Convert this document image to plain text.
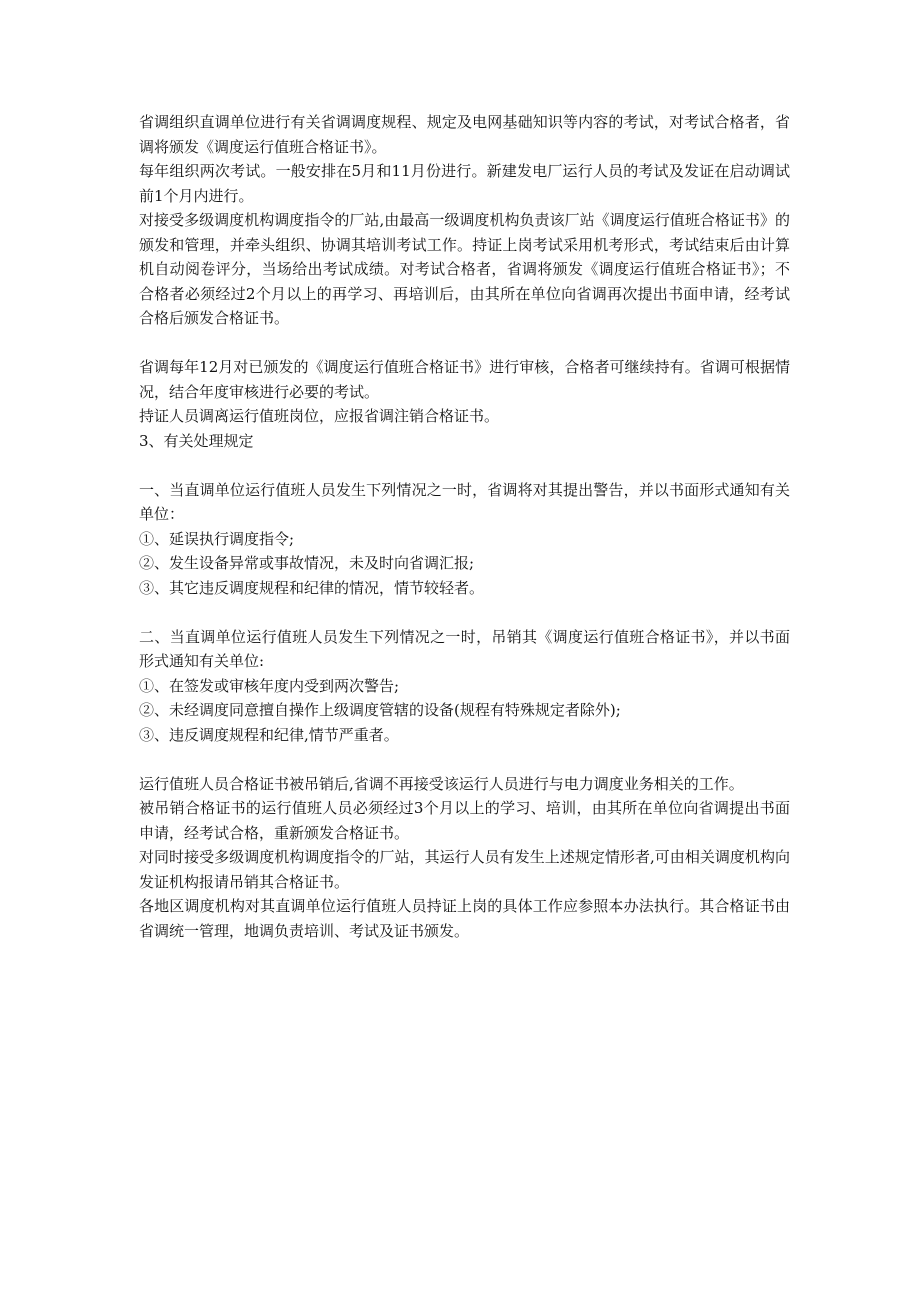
省调组织直调单位进行有关省调调度规程、规定及电网基础知识等内容的考试，对考试合格者，省调将颁发《调度运行值班合格证书》。

每年组织两次考试。一般安排在5月和11月份进行。新建发电厂运行人员的考试及发证在启动调试前1个月内进行。

对接受多级调度机构调度指令的厂站,由最高一级调度机构负责该厂站《调度运行值班合格证书》的颁发和管理，并牵头组织、协调其培训考试工作。持证上岗考试采用机考形式，考试结束后由计算机自动阅卷评分，当场给出考试成绩。对考试合格者，省调将颁发《调度运行值班合格证书》；不合格者必须经过2个月以上的再学习、再培训后，由其所在单位向省调再次提出书面申请，经考试合格后颁发合格证书。

省调每年12月对已颁发的《调度运行值班合格证书》进行审核，合格者可继续持有。省调可根据情况，结合年度审核进行必要的考试。

持证人员调离运行值班岗位，应报省调注销合格证书。

3、有关处理规定

一、当直调单位运行值班人员发生下列情况之一时，省调将对其提出警告，并以书面形式通知有关单位：

①、延误执行调度指令;

②、发生设备异常或事故情况，未及时向省调汇报;

③、其它违反调度规程和纪律的情况，情节较轻者。

二、当直调单位运行值班人员发生下列情况之一时，吊销其《调度运行值班合格证书》，并以书面形式通知有关单位:

①、在签发或审核年度内受到两次警告;

②、未经调度同意擅自操作上级调度管辖的设备(规程有特殊规定者除外);

③、违反调度规程和纪律,情节严重者。

运行值班人员合格证书被吊销后,省调不再接受该运行人员进行与电力调度业务相关的工作。

被吊销合格证书的运行值班人员必须经过3个月以上的学习、培训，由其所在单位向省调提出书面申请，经考试合格，重新颁发合格证书。

对同时接受多级调度机构调度指令的厂站，其运行人员有发生上述规定情形者,可由相关调度机构向发证机构报请吊销其合格证书。

各地区调度机构对其直调单位运行值班人员持证上岗的具体工作应参照本办法执行。其合格证书由省调统一管理，地调负责培训、考试及证书颁发。
